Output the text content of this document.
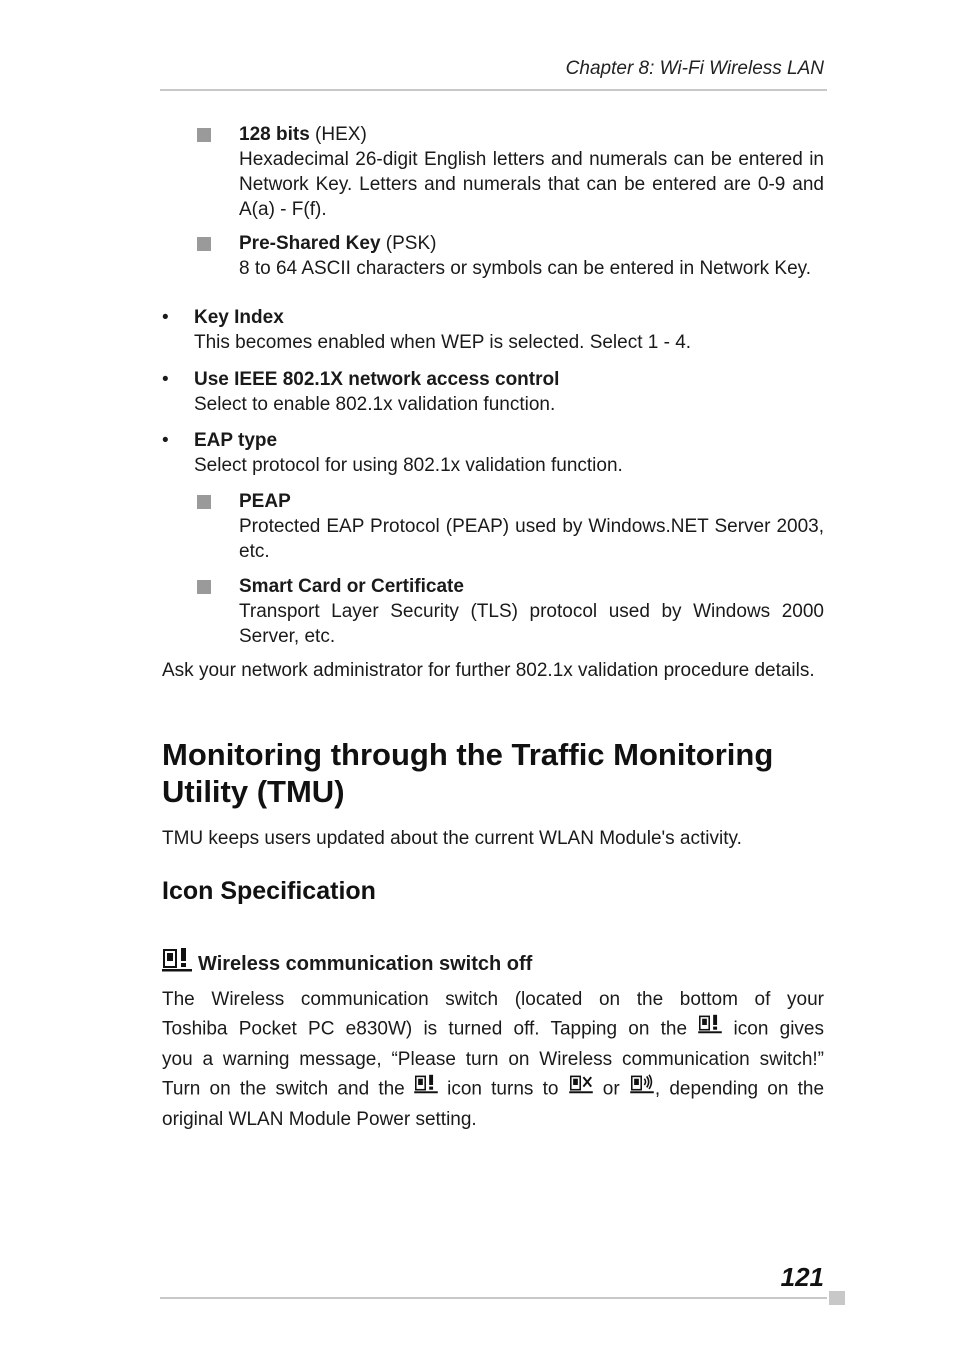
Chapter 8: Wi-Fi Wireless LAN
128 bits (HEX)
Hexadecimal 26-digit English letters and numerals can be entered in Network Key. Letters and numerals that can be entered are 0-9 and A(a) - F(f).
Pre-Shared Key (PSK)
8 to 64 ASCII characters or symbols can be entered in Network Key.
• Key Index
This becomes enabled when WEP is selected. Select 1 - 4.
• Use IEEE 802.1X network access control
Select to enable 802.1x validation function.
• EAP type
Select protocol for using 802.1x validation function.
PEAP
Protected EAP Protocol (PEAP) used by Windows.NET Server 2003, etc.
Smart Card or Certificate
Transport Layer Security (TLS) protocol used by Windows 2000 Server, etc.
Ask your network administrator for further 802.1x validation procedure details.
Monitoring through the Traffic Monitoring Utility (TMU)
TMU keeps users updated about the current WLAN Module's activity.
Icon Specification
Wireless communication switch off
The Wireless communication switch (located on the bottom of your
Toshiba Pocket PC e830W) is turned off. Tapping on the  icon gives
you a warning message, “Please turn on Wireless communication switch!”
Turn on the switch and the  icon turns to  or , depending on the
original WLAN Module Power setting.
121
